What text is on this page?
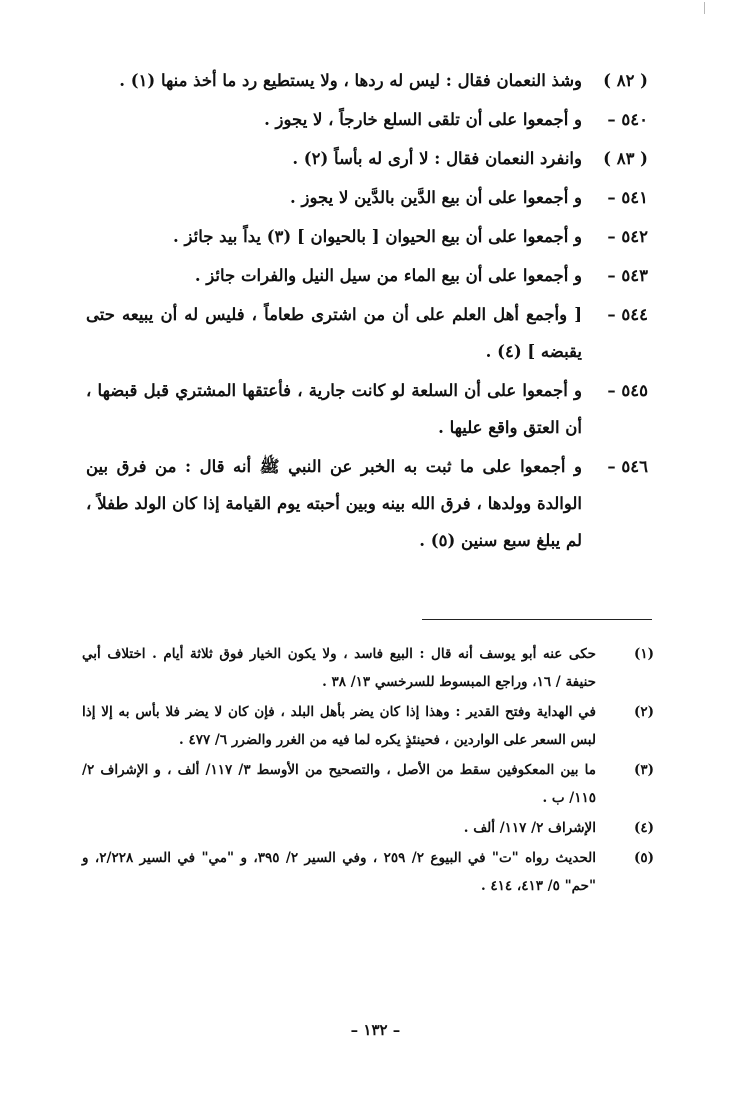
( ٨٢ )
وشذ النعمان فقال : ليس له ردها ، ولا يستطيع رد ما أخذ منها (١) .
٥٤٠ –
و أجمعوا على أن تلقى السلع خارجاً ، لا يجوز .
( ٨٣ )
وانفرد النعمان فقال : لا أرى له بأساً (٢) .
٥٤١ –
و أجمعوا على أن بيع الدَّين بالدَّين لا يجوز .
٥٤٢ –
و أجمعوا على أن بيع الحيوان [ بالحيوان ] (٣) يداً بيد جائز .
٥٤٣ –
و أجمعوا على أن بيع الماء من سيل النيل والفرات جائز .
٥٤٤ –
[ وأجمع أهل العلم على أن من اشترى طعاماً ، فليس له أن يبيعه حتى يقبضه ] (٤) .
٥٤٥ –
و أجمعوا على أن السلعة لو كانت جارية ، فأعتقها المشتري قبل قبضها ، أن العتق واقع عليها .
٥٤٦ –
و أجمعوا على ما ثبت به الخبر عن النبي ﷺ أنه قال : من فرق بين الوالدة وولدها ، فرق الله بينه وبين أحبته يوم القيامة إذا كان الولد طفلاً ، لم يبلغ سبع سنين (٥) .
(١)
حكى عنه أبو يوسف أنه قال : البيع فاسد ، ولا يكون الخيار فوق ثلاثة أيام . اختلاف أبي حنيفة / ١٦، وراجع المبسوط للسرخسي ١٣/ ٣٨ .
(٢)
في الهداية وفتح القدير : وهذا إذا كان يضر بأهل البلد ، فإن كان لا يضر فلا بأس به إلا إذا لبس السعر على الواردين ، فحينئذٍ يكره لما فيه من الغرر والضرر ٦/ ٤٧٧ .
(٣)
ما بين المعكوفين سقط من الأصل ، والتصحيح من الأوسط ٣/ ١١٧/ ألف ، و الإشراف ٢/ ١١٥/ ب .
(٤)
الإشراف ٢/ ١١٧/ ألف .
(٥)
الحديث رواه "ت" في البيوع ٢/ ٢٥٩ ، وفي السير ٢/ ٣٩٥، و "مي" في السير ٢/٢٢٨، و "حم" ٥/ ٤١٣، ٤١٤ .
– ١٣٢ –
